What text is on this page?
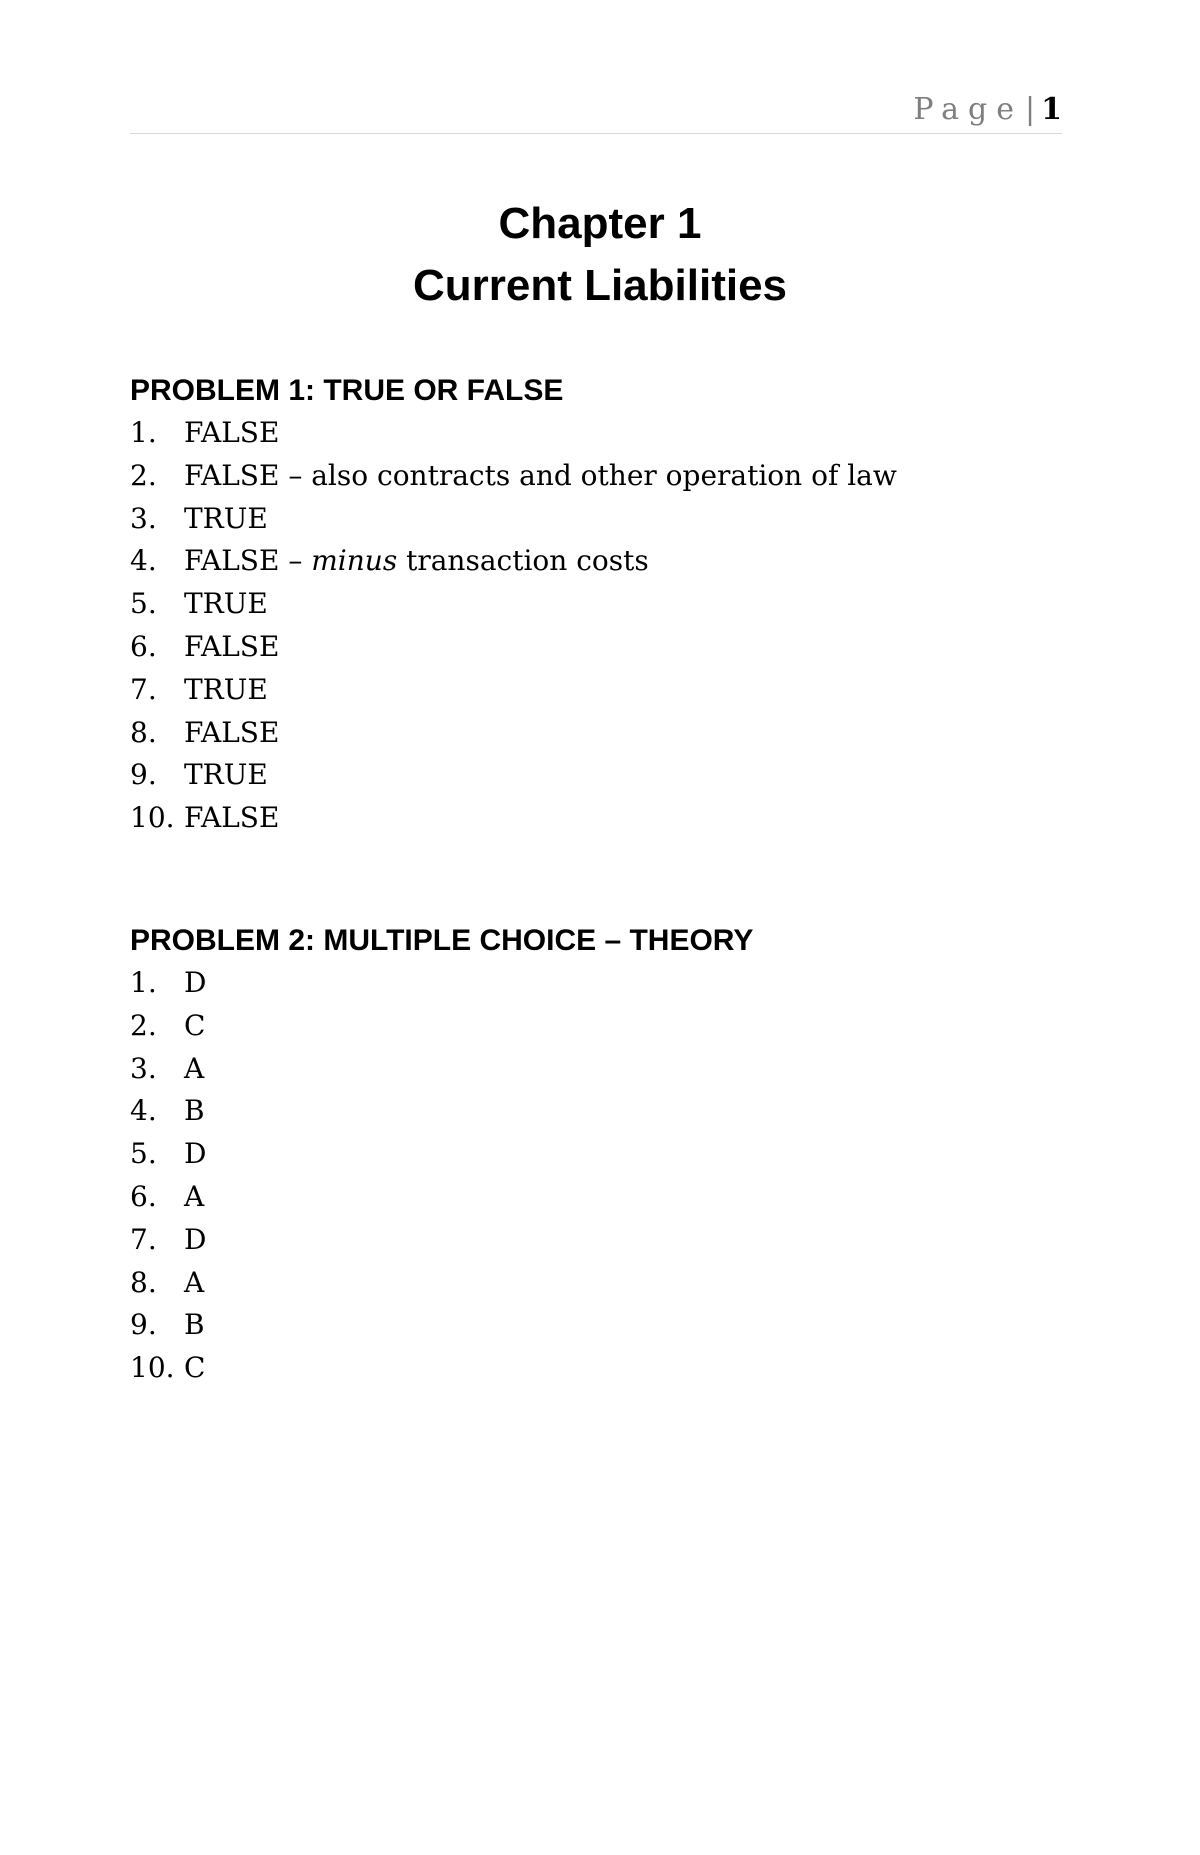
Page| 1
Chapter 1
Current Liabilities
PROBLEM 1: TRUE OR FALSE
1. FALSE
2. FALSE – also contracts and other operation of law
3. TRUE
4. FALSE – minus transaction costs
5. TRUE
6. FALSE
7. TRUE
8. FALSE
9. TRUE
10. FALSE
PROBLEM 2: MULTIPLE CHOICE – THEORY
1. D
2. C
3. A
4. B
5. D
6. A
7. D
8. A
9. B
10. C
